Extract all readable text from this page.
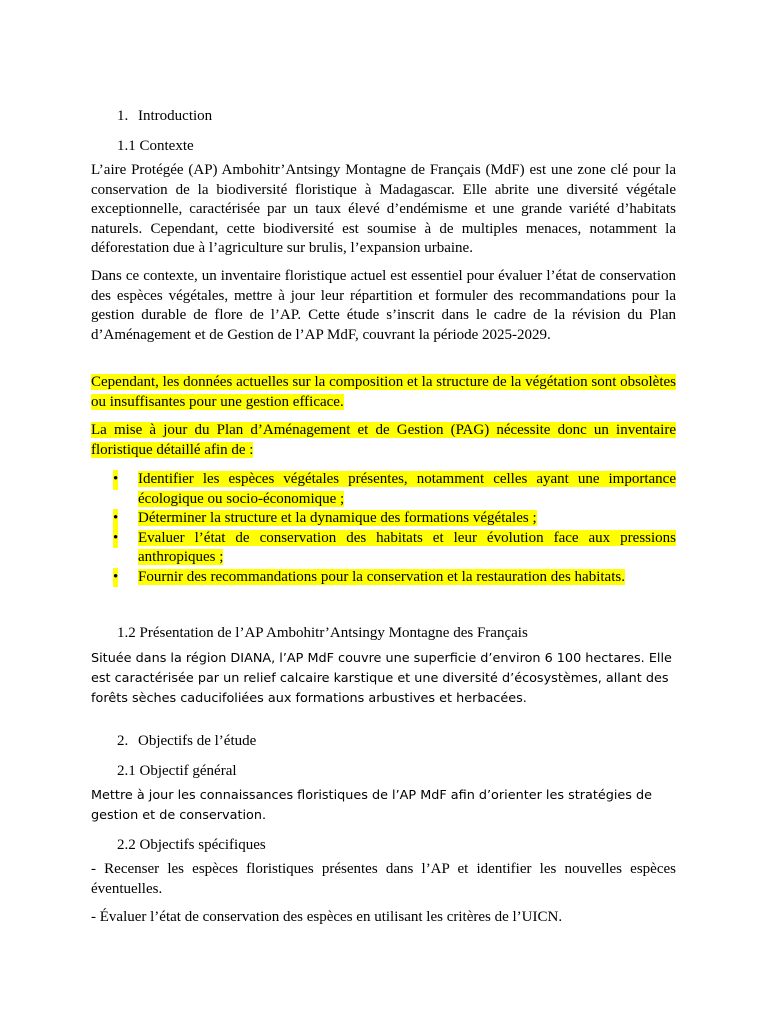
1. Introduction
1.1 Contexte

L’aire Protégée (AP) Ambohitr’Antsingy Montagne de Français (MdF) est une zone clé pour la conservation de la biodiversité floristique à Madagascar. Elle abrite une diversité végétale exceptionnelle, caractérisée par un taux élevé d’endémisme et une grande variété d’habitats naturels. Cependant, cette biodiversité est soumise à de multiples menaces, notamment la déforestation due à l’agriculture sur brulis, l’expansion urbaine.

Dans ce contexte, un inventaire floristique actuel est essentiel pour évaluer l’état de conservation des espèces végétales, mettre à jour leur répartition et formuler des recommandations pour la gestion durable de flore de l’AP. Cette étude s’inscrit dans le cadre de la révision du Plan d’Aménagement et de Gestion de l’AP MdF, couvrant la période 2025-2029.

Cependant, les données actuelles sur la composition et la structure de la végétation sont obsolètes ou insuffisantes pour une gestion efficace.

La mise à jour du Plan d’Aménagement et de Gestion (PAG) nécessite donc un inventaire floristique détaillé afin de :

• Identifier les espèces végétales présentes, notamment celles ayant une importance écologique ou socio-économique ;
• Déterminer la structure et la dynamique des formations végétales ;
• Evaluer l’état de conservation des habitats et leur évolution face aux pressions anthropiques ;
• Fournir des recommandations pour la conservation et la restauration des habitats.
1.2 Présentation de l’AP Ambohitr’Antsingy Montagne des Français

Située dans la région DIANA, l’AP MdF couvre une superficie d’environ 6 100 hectares. Elle est caractérisée par un relief calcaire karstique et une diversité d’écosystèmes, allant des forêts sèches caducifoliées aux formations arbustives et herbacées.

2. Objectifs de l’étude
2.1 Objectif général

Mettre à jour les connaissances floristiques de l’AP MdF afin d’orienter les stratégies de gestion et de conservation.

2.2 Objectifs spécifiques

- Recenser les espèces floristiques présentes dans l’AP et identifier les nouvelles espèces éventuelles.

- Évaluer l’état de conservation des espèces en utilisant les critères de l’UICN.
